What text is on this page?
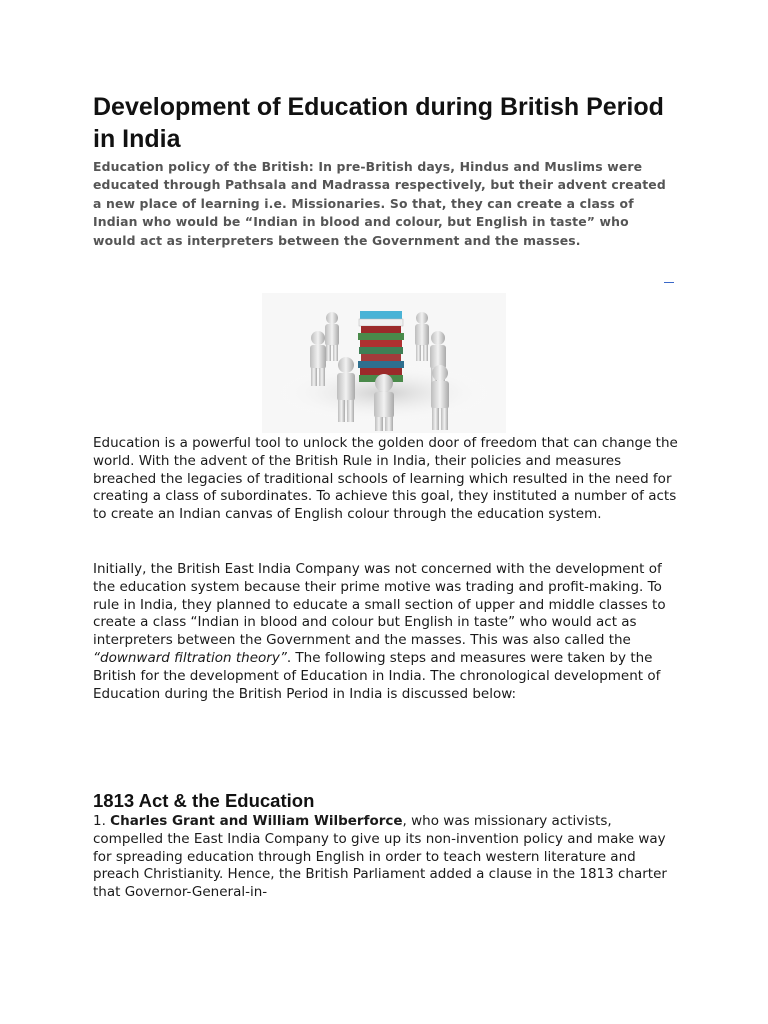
Development of Education during British Period in India

Education policy of the British: In pre-British days, Hindus and Muslims were educated through Pathsala and Madrassa respectively, but their advent created a new place of learning i.e. Missionaries. So that, they can create a class of Indian who would be “Indian in blood and colour, but English in taste” who would act as interpreters between the Government and the masses.

Education is a powerful tool to unlock the golden door of freedom that can change the world. With the advent of the British Rule in India, their policies and measures breached the legacies of traditional schools of learning which resulted in the need for creating a class of subordinates. To achieve this goal, they instituted a number of acts to create an Indian canvas of English colour through the education system.

Initially, the British East India Company was not concerned with the development of the education system because their prime motive was trading and profit-making. To rule in India, they planned to educate a small section of upper and middle classes to create a class “Indian in blood and colour but English in taste” who would act as interpreters between the Government and the masses. This was also called the “downward filtration theory”. The following steps and measures were taken by the British for the development of Education in India. The chronological development of Education during the British Period in India is discussed below:

1813 Act & the Education

1. Charles Grant and William Wilberforce, who was missionary activists, compelled the East India Company to give up its non-invention policy and make way for spreading education through English in order to teach western literature and preach Christianity. Hence, the British Parliament added a clause in the 1813 charter that Governor-General-in-
